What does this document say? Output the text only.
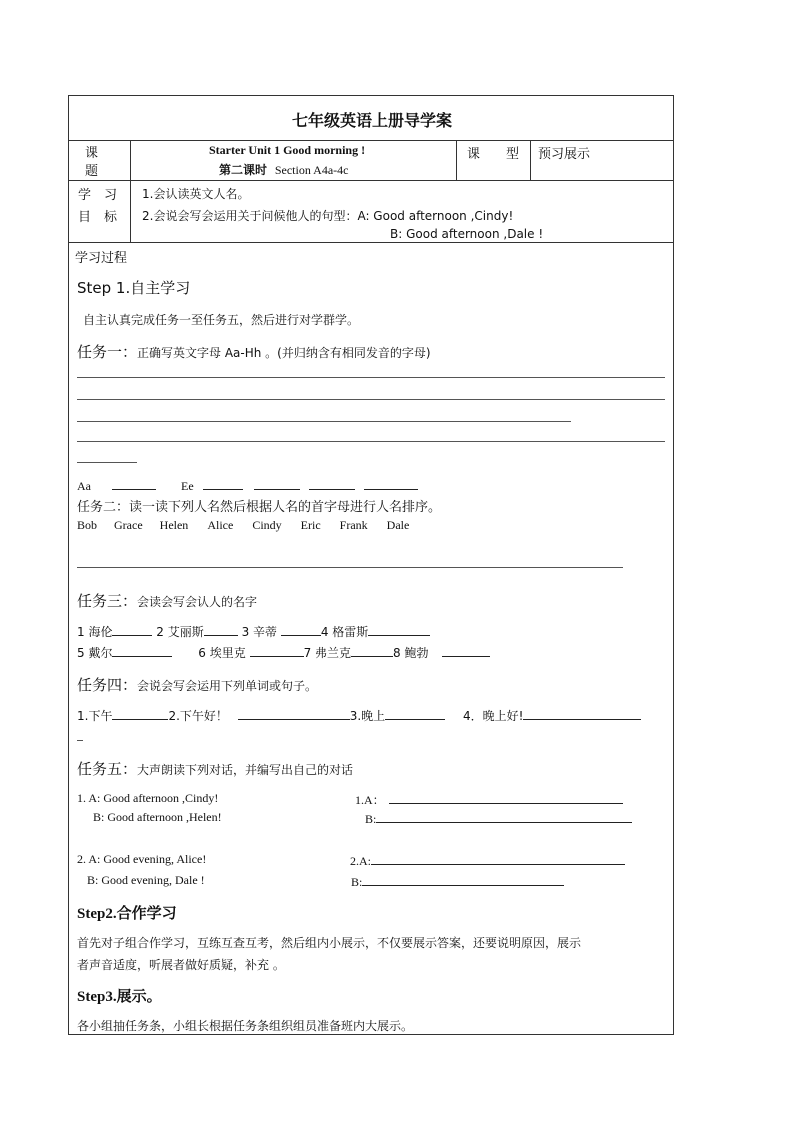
七年级英语上册导学案
课
题
Starter Unit 1 Good morning !
第二课时 Section A4a-4c
课　　型 预习展示
学　习
目　标
1.会认读英文人名。
2.会说会写会运用关于问候他人的句型：A: Good afternoon ,Cindy!
B: Good afternoon ,Dale !
学习过程
Step 1.自主学习
自主认真完成任务一至任务五，然后进行对学群学。
任务一：正确写英文字母 Aa-Hh 。(并归纳含有相同发音的字母)
Aa	Ee
任务二：读一读下列人名然后根据人名的首字母进行人名排序。
Bob Grace Helen Alice Cindy Eric Frank Dale
任务三：会读会写会认人的名字
1 海伦	2 艾丽斯	3 辛蒂	4 格雷斯
5 戴尔	6 埃里克	7 弗兰克	8 鲍勃
任务四：会说会写会运用下列单词或句子。
1.下午	2.下午好！	3.晚上	4．晚上好!
任务五：大声朗读下列对话，并编写出自己的对话
1. A: Good afternoon ,Cindy!
B: Good afternoon ,Helen!
1.A：
B:
2. A: Good evening, Alice!
B: Good evening, Dale !
2.A:
B:
Step2.合作学习
首先对子组合作学习，互练互查互考，然后组内小展示，不仅要展示答案，还要说明原因，展示
者声音适度，听展者做好质疑，补充 。
Step3.展示。
各小组抽任务条，小组长根据任务条组织组员准备班内大展示。
